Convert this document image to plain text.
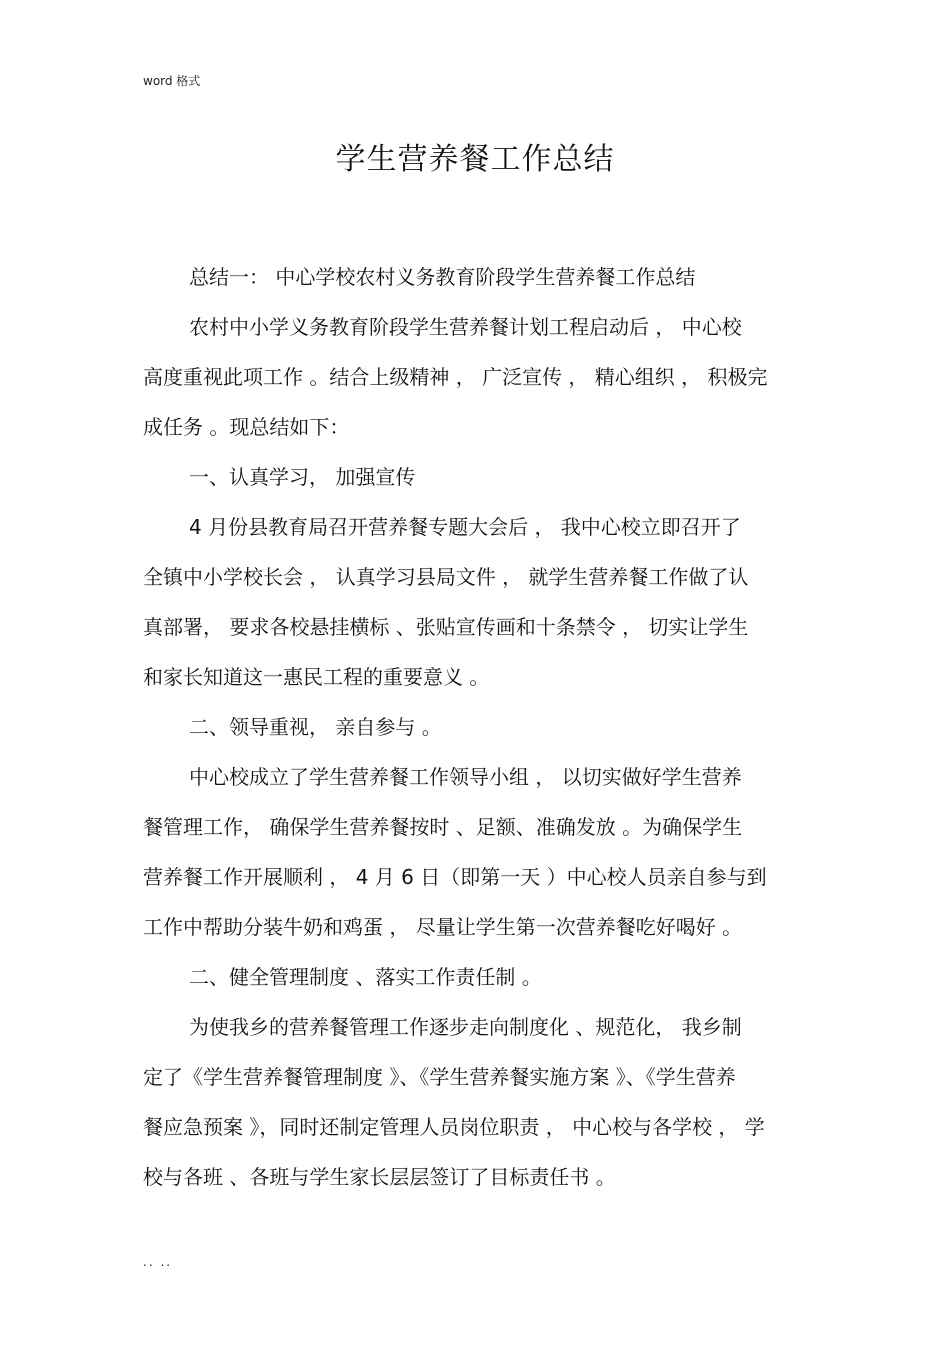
word 格式
学生营养餐工作总结
总结一： 中心学校农村义务教育阶段学生营养餐工作总结
农村中小学义务教育阶段学生营养餐计划工程启动后 ， 中心校
高度重视此项工作 。结合上级精神 ， 广泛宣传 ， 精心组织 ， 积极完
成任务 。现总结如下：
一、认真学习， 加强宣传
4 月份县教育局召开营养餐专题大会后 ， 我中心校立即召开了
全镇中小学校长会 ， 认真学习县局文件 ， 就学生营养餐工作做了认
真部署， 要求各校悬挂横标 、张贴宣传画和十条禁令 ， 切实让学生
和家长知道这一惠民工程的重要意义 。
二、领导重视， 亲自参与 。
中心校成立了学生营养餐工作领导小组 ， 以切实做好学生营养
餐管理工作， 确保学生营养餐按时 、足额、准确发放 。为确保学生
营养餐工作开展顺利 ， 4 月 6 日（即第一天 ）中心校人员亲自参与到
工作中帮助分装牛奶和鸡蛋 ， 尽量让学生第一次营养餐吃好喝好 。
二、健全管理制度 、落实工作责任制 。
为使我乡的营养餐管理工作逐步走向制度化 、规范化， 我乡制
定了《学生营养餐管理制度 》、《学生营养餐实施方案 》、《学生营养
餐应急预案 》，同时还制定管理人员岗位职责 ， 中心校与各学校 ， 学
校与各班 、各班与学生家长层层签订了目标责任书 。
.. ..
